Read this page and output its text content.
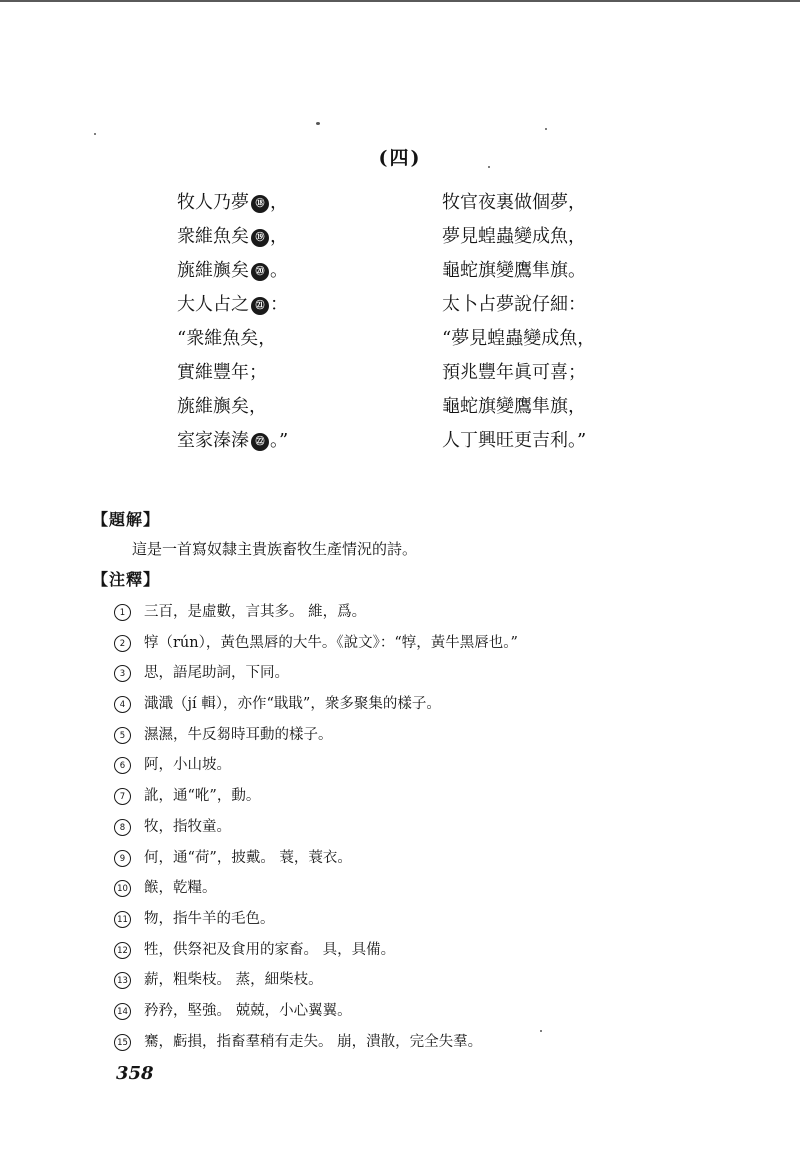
(四)
牧人乃夢 ⑱ ，
衆維魚矣 ⑲ ，
旐維旟矣 ⑳ 。
大人占之 ㉑ ：
“衆維魚矣，
實維豐年；
旐維旟矣，
室家溱溱 ㉒ 。”
牧官夜裏做個夢，
夢見蝗蟲變成魚，
龜蛇旗變鷹隼旗。
太卜占夢說仔細：
“夢見蝗蟲變成魚，
預兆豐年眞可喜；
龜蛇旗變鷹隼旗，
人丁興旺更吉利。”
【題解】
這是一首寫奴隸主貴族畜牧生產情況的詩。
【注釋】
1 三百，是虛數，言其多。 維，爲。
2 犉（rún），黃色黑唇的大牛。《說文》：“犉，黃牛黑唇也。”
3 思，語尾助詞，下同。
4 濈濈（jí 輯），亦作“戢戢”，衆多聚集的樣子。
5 濕濕，牛反芻時耳動的樣子。
6 阿，小山坡。
7 訛，通“吪”，動。
8 牧，指牧童。
9 何，通“荷”，披戴。 蓑，蓑衣。
10 餱，乾糧。
11 物，指牛羊的毛色。
12 牲，供祭祀及食用的家畜。 具，具備。
13 薪，粗柴枝。 蒸，細柴枝。
14 矜矜，堅強。 兢兢，小心翼翼。
15 騫，虧損，指畜羣稍有走失。 崩，潰散，完全失羣。
358
